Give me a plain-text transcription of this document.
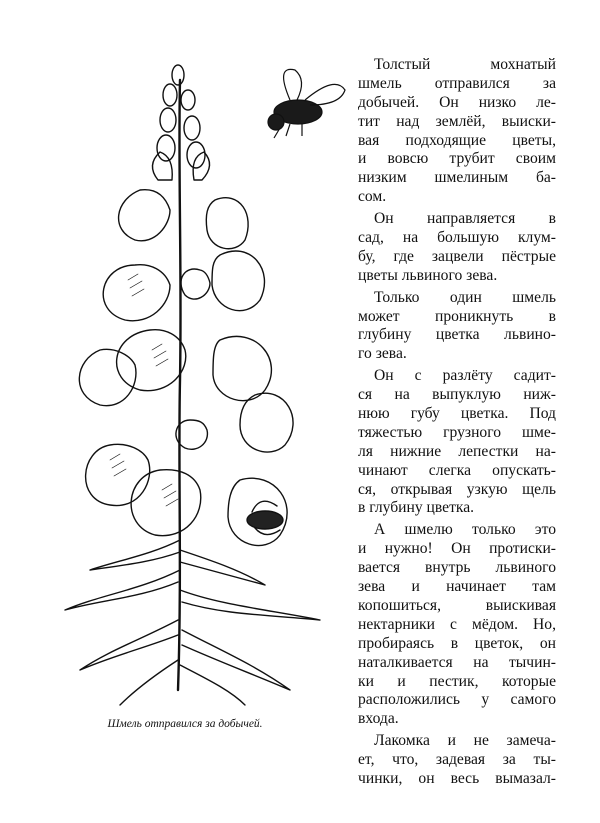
Шмель отправился за добычей.

Толстый мохнатый
шмель отправился за
добычей. Он низко ле-
тит над землёй, выиски-
вая подходящие цветы,
и вовсю трубит своим
низким шмелиным ба-
сом.

Он направляется в
сад, на большую клум-
бу, где зацвели пёстрые
цветы львиного зева.

Только один шмель
может проникнуть в
глубину цветка львино-
го зева.

Он с разлёту садит-
ся на выпуклую ниж-
нюю губу цветка. Под
тяжестью грузного шме-
ля нижние лепестки на-
чинают слегка опускать-
ся, открывая узкую щель
в глубину цветка.

А шмелю только это
и нужно! Он протиски-
вается внутрь львиного
зева и начинает там
копошиться, выискивая
нектарники с мёдом. Но,
пробираясь в цветок, он
наталкивается на тычин-
ки и пестик, которые
расположились у самого
входа.

Лакомка и не замеча-
ет, что, задевая за ты-
чинки, он весь вымазал-
